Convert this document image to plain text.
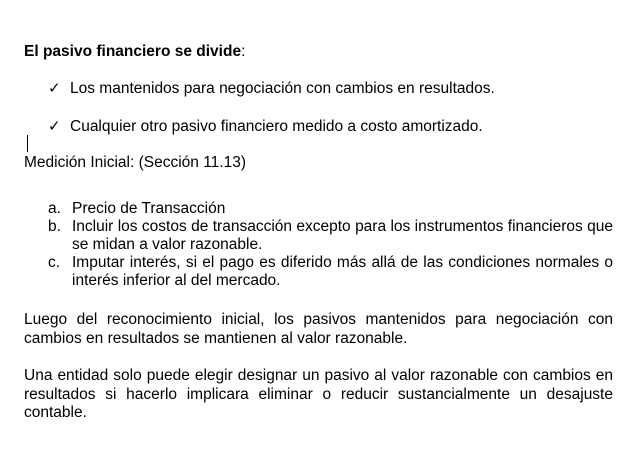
El pasivo financiero se divide:
✓ Los mantenidos para negociación con cambios en resultados.
✓ Cualquier otro pasivo financiero medido a costo amortizado.
Medición Inicial: (Sección 11.13)
a. Precio de Transacción
b. Incluir los costos de transacción excepto para los instrumentos financieros que se midan a valor razonable.
c. Imputar interés, si el pago es diferido más allá de las condiciones normales o interés inferior al del mercado.

Luego del reconocimiento inicial, los pasivos mantenidos para negociación con cambios en resultados se mantienen al valor razonable.

Una entidad solo puede elegir designar un pasivo al valor razonable con cambios en resultados si hacerlo implicara eliminar o reducir sustancialmente un desajuste contable.
